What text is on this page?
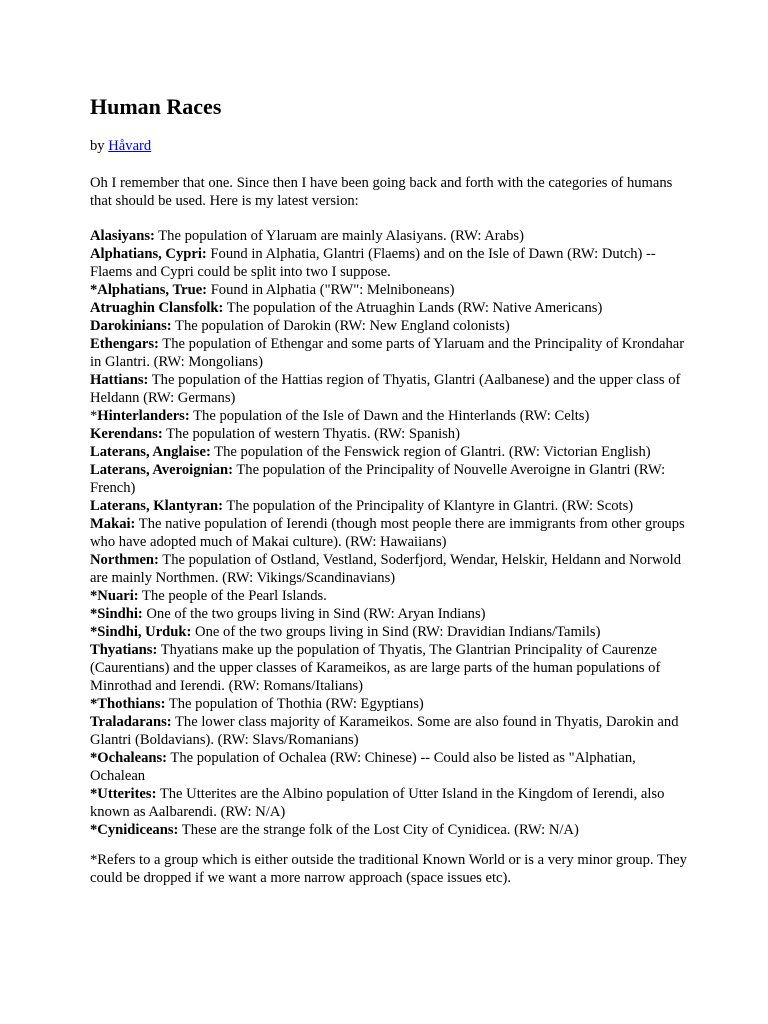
Human Races

by Håvard

Oh I remember that one. Since then I have been going back and forth with the categories of humans that should be used. Here is my latest version:

Alasiyans: The population of Ylaruam are mainly Alasiyans. (RW: Arabs)
Alphatians, Cypri: Found in Alphatia, Glantri (Flaems) and on the Isle of Dawn (RW: Dutch) -- Flaems and Cypri could be split into two I suppose.
*Alphatians, True: Found in Alphatia ("RW": Melniboneans)
Atruaghin Clansfolk: The population of the Atruaghin Lands (RW: Native Americans)
Darokinians: The population of Darokin (RW: New England colonists)
Ethengars: The population of Ethengar and some parts of Ylaruam and the Principality of Krondahar in Glantri. (RW: Mongolians)
Hattians: The population of the Hattias region of Thyatis, Glantri (Aalbanese) and the upper class of Heldann (RW: Germans)
*Hinterlanders: The population of the Isle of Dawn and the Hinterlands (RW: Celts)
Kerendans: The population of western Thyatis. (RW: Spanish)
Laterans, Anglaise: The population of the Fenswick region of Glantri. (RW: Victorian English)
Laterans, Averoignian: The population of the Principality of Nouvelle Averoigne in Glantri (RW: French)
Laterans, Klantyran: The population of the Principality of Klantyre in Glantri. (RW: Scots)
Makai: The native population of Ierendi (though most people there are immigrants from other groups who have adopted much of Makai culture). (RW: Hawaiians)
Northmen: The population of Ostland, Vestland, Soderfjord, Wendar, Helskir, Heldann and Norwold are mainly Northmen. (RW: Vikings/Scandinavians)
*Nuari: The people of the Pearl Islands.
*Sindhi: One of the two groups living in Sind (RW: Aryan Indians)
*Sindhi, Urduk: One of the two groups living in Sind (RW: Dravidian Indians/Tamils)
Thyatians: Thyatians make up the population of Thyatis, The Glantrian Principality of Caurenze (Caurentians) and the upper classes of Karameikos, as are large parts of the human populations of Minrothad and Ierendi. (RW: Romans/Italians)
*Thothians: The population of Thothia (RW: Egyptians)
Traladarans: The lower class majority of Karameikos. Some are also found in Thyatis, Darokin and Glantri (Boldavians). (RW: Slavs/Romanians)
*Ochaleans: The population of Ochalea (RW: Chinese) -- Could also be listed as "Alphatian, Ochalean
*Utterites: The Utterites are the Albino population of Utter Island in the Kingdom of Ierendi, also known as Aalbarendi. (RW: N/A)
*Cynidiceans: These are the strange folk of the Lost City of Cynidicea. (RW: N/A)

*Refers to a group which is either outside the traditional Known World or is a very minor group. They could be dropped if we want a more narrow approach (space issues etc).
